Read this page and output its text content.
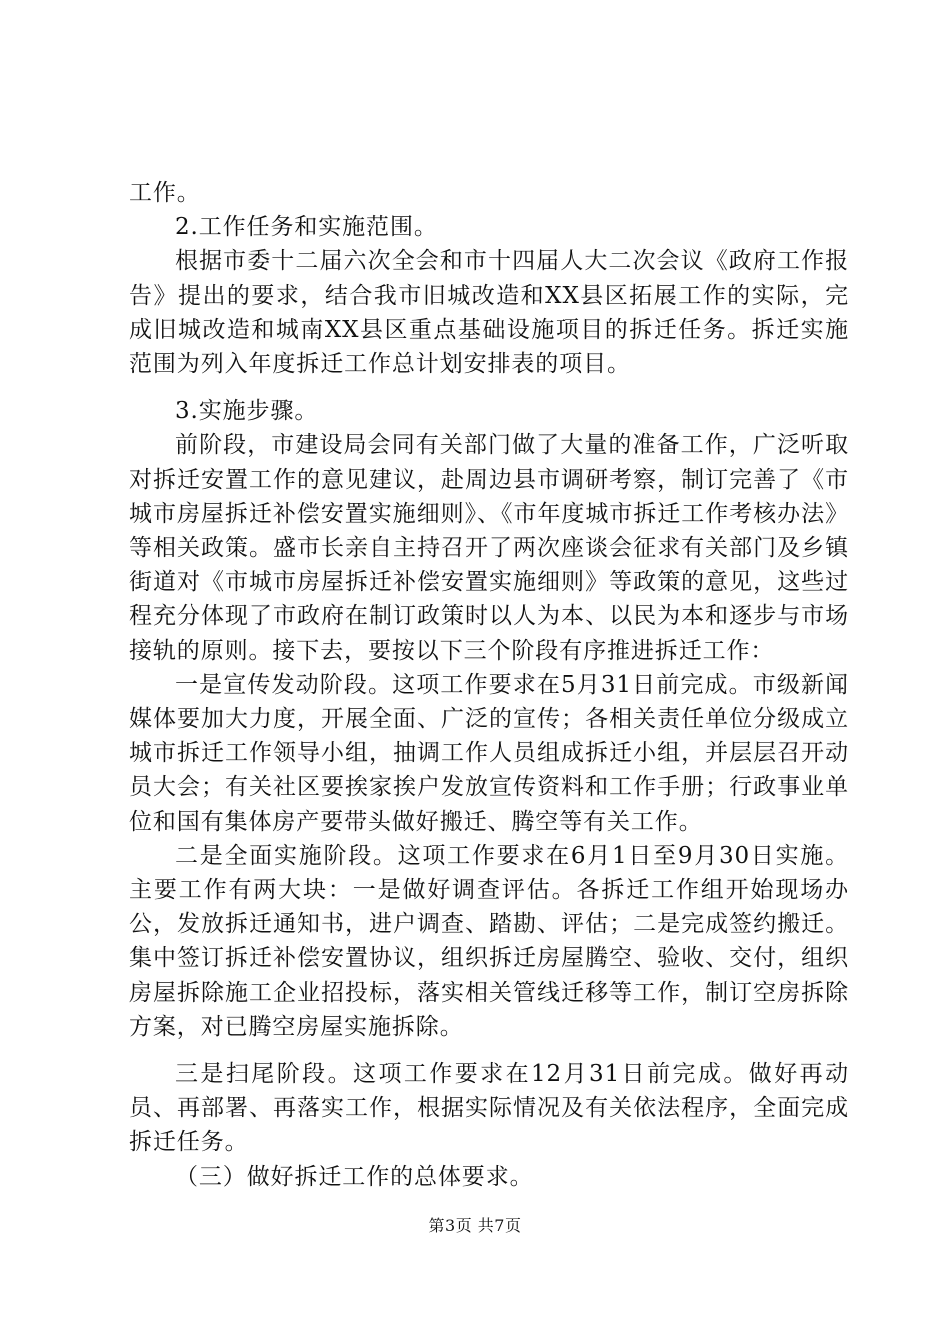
工作。

2.工作任务和实施范围。

根据市委十二届六次全会和市十四届人大二次会议《政府工作报告》提出的要求，结合我市旧城改造和XX县区拓展工作的实际，完成旧城改造和城南XX县区重点基础设施项目的拆迁任务。拆迁实施范围为列入年度拆迁工作总计划安排表的项目。

3.实施步骤。

前阶段，市建设局会同有关部门做了大量的准备工作，广泛听取对拆迁安置工作的意见建议，赴周边县市调研考察，制订完善了《市城市房屋拆迁补偿安置实施细则》、《市年度城市拆迁工作考核办法》等相关政策。盛市长亲自主持召开了两次座谈会征求有关部门及乡镇街道对《市城市房屋拆迁补偿安置实施细则》等政策的意见，这些过程充分体现了市政府在制订政策时以人为本、以民为本和逐步与市场接轨的原则。接下去，要按以下三个阶段有序推进拆迁工作：

一是宣传发动阶段。这项工作要求在5月31日前完成。市级新闻媒体要加大力度，开展全面、广泛的宣传；各相关责任单位分级成立城市拆迁工作领导小组，抽调工作人员组成拆迁小组，并层层召开动员大会；有关社区要挨家挨户发放宣传资料和工作手册；行政事业单位和国有集体房产要带头做好搬迁、腾空等有关工作。

二是全面实施阶段。这项工作要求在6月1日至9月30日实施。主要工作有两大块：一是做好调查评估。各拆迁工作组开始现场办公，发放拆迁通知书，进户调查、踏勘、评估；二是完成签约搬迁。集中签订拆迁补偿安置协议，组织拆迁房屋腾空、验收、交付，组织房屋拆除施工企业招投标，落实相关管线迁移等工作，制订空房拆除方案，对已腾空房屋实施拆除。

三是扫尾阶段。这项工作要求在12月31日前完成。做好再动员、再部署、再落实工作，根据实际情况及有关依法程序，全面完成拆迁任务。

（三）做好拆迁工作的总体要求。

第3页 共7页
